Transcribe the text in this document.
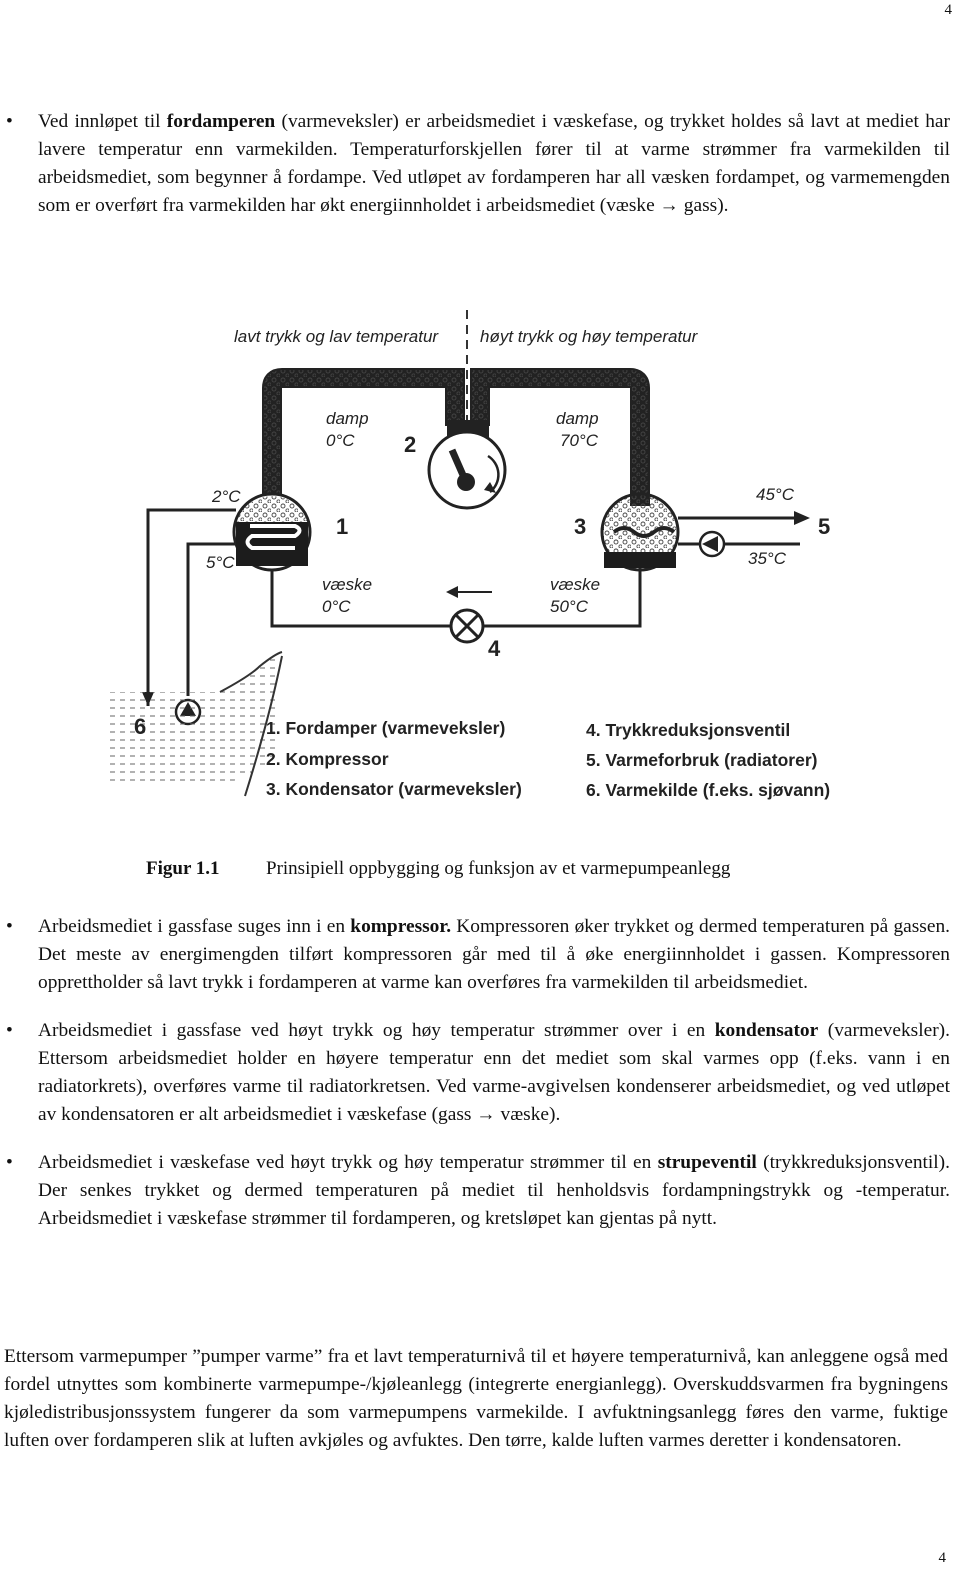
4
• Ved innløpet til fordamperen (varmeveksler) er arbeidsmediet i væskefase, og trykket holdes så lavt at mediet har lavere temperatur enn varmekilden. Temperaturforskjellen fører til at varme strømmer fra varmekilden til arbeidsmediet, som begynner å fordampe. Ved utløpet av fordamperen har all væsken fordampet, og varmemengden som er overført fra varmekilden har økt energiinnholdet i arbeidsmediet (væske → gass).
lavt trykk og lav temperatur høyt trykk og høy temperatur
damp
0°C
damp
70°C
væske
0°C
væske
50°C
2°C
5°C
45°C
35°C
2
1	3	5
4
6	1. Fordamper (varmeveksler)
2. Kompressor
3. Kondensator (varmeveksler)
4. Trykkreduksjonsventil
5. Varmeforbruk (radiatorer)
6. Varmekilde (f.eks. sjøvann)
Figur 1.1 Prinsipiell oppbygging og funksjon av et varmepumpeanlegg
• Arbeidsmediet i gassfase suges inn i en kompressor. Kompressoren øker trykket og dermed temperaturen på gassen. Det meste av energimengden tilført kompressoren går med til å øke energiinnholdet i gassen. Kompressoren opprettholder så lavt trykk i fordamperen at varme kan overføres fra varmekilden til arbeidsmediet.
• Arbeidsmediet i gassfase ved høyt trykk og høy temperatur strømmer over i en kondensator (varmeveksler). Ettersom arbeidsmediet holder en høyere temperatur enn det mediet som skal varmes opp (f.eks. vann i en radiatorkrets), overføres varme til radiatorkretsen. Ved varme-avgivelsen kondenserer arbeidsmediet, og ved utløpet av kondensatoren er alt arbeidsmediet i væskefase (gass → væske).
• Arbeidsmediet i væskefase ved høyt trykk og høy temperatur strømmer til en strupeventil (trykkreduksjonsventil). Der senkes trykket og dermed temperaturen på mediet til henholdsvis fordampningstrykk og -temperatur. Arbeidsmediet i væskefase strømmer til fordamperen, og kretsløpet kan gjentas på nytt.

Ettersom varmepumper ”pumper varme” fra et lavt temperaturnivå til et høyere temperaturnivå, kan anleggene også med fordel utnyttes som kombinerte varmepumpe-/kjøleanlegg (integrerte energianlegg). Overskuddsvarmen fra bygningens kjøledistribusjonssystem fungerer da som varmepumpens varmekilde. I avfuktningsanlegg føres den varme, fuktige luften over fordamperen slik at luften avkjøles og avfuktes. Den tørre, kalde luften varmes deretter i kondensatoren.

4
